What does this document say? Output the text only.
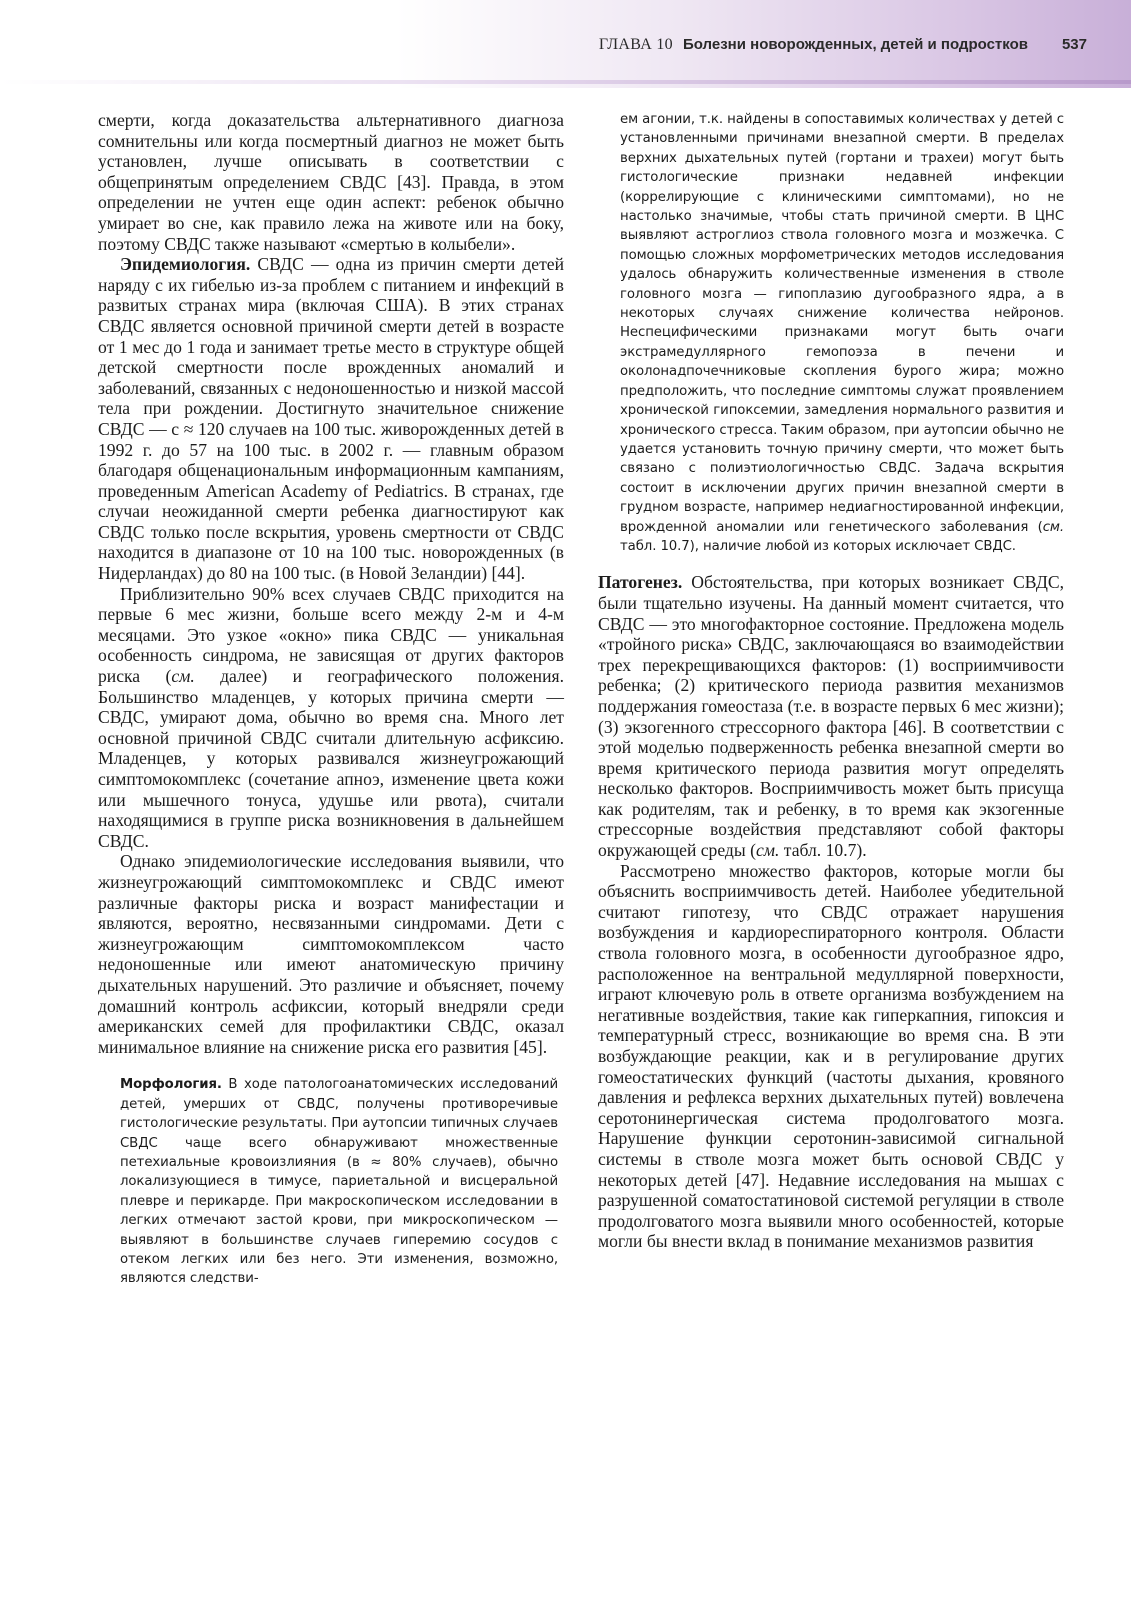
ГЛАВА 10 Болезни новорожденных, детей и подростков 537

смерти, когда доказательства альтернативного диагноза сомнительны или когда посмертный диагноз не может быть установлен, лучше описывать в соответствии с общепринятым определением СВДС [43]. Правда, в этом определении не учтен еще один аспект: ребенок обычно умирает во сне, как правило лежа на животе или на боку, поэтому СВДС также называют «смертью в колыбели».

Эпидемиология. СВДС — одна из причин смерти детей наряду с их гибелью из-за проблем с питанием и инфекций в развитых странах мира (включая США). В этих странах СВДС является основной причиной смерти детей в возрасте от 1 мес до 1 года и занимает третье место в структуре общей детской смертности после врожденных аномалий и заболеваний, связанных с недоношенностью и низкой массой тела при рождении. Достигнуто значительное снижение СВДС — с ≈ 120 случаев на 100 тыс. живорожденных детей в 1992 г. до 57 на 100 тыс. в 2002 г. — главным образом благодаря общенациональным информационным кампаниям, проведенным American Academy of Pediatrics. В странах, где случаи неожиданной смерти ребенка диагностируют как СВДС только после вскрытия, уровень смертности от СВДС находится в диапазоне от 10 на 100 тыс. новорожденных (в Нидерландах) до 80 на 100 тыс. (в Новой Зеландии) [44].

Приблизительно 90% всех случаев СВДС приходится на первые 6 мес жизни, больше всего между 2-м и 4-м месяцами. Это узкое «окно» пика СВДС — уникальная особенность синдрома, не зависящая от других факторов риска (см. далее) и географического положения. Большинство младенцев, у которых причина смерти — СВДС, умирают дома, обычно во время сна. Много лет основной причиной СВДС считали длительную асфиксию. Младенцев, у которых развивался жизнеугрожающий симптомокомплекс (сочетание апноэ, изменение цвета кожи или мышечного тонуса, удушье или рвота), считали находящимися в группе риска возникновения в дальнейшем СВДС.

Однако эпидемиологические исследования выявили, что жизнеугрожающий симптомокомплекс и СВДС имеют различные факторы риска и возраст манифестации и являются, вероятно, несвязанными синдромами. Дети с жизнеугрожающим симптомокомплексом часто недоношенные или имеют анатомическую причину дыхательных нарушений. Это различие и объясняет, почему домашний контроль асфиксии, который внедряли среди американских семей для профилактики СВДС, оказал минимальное влияние на снижение риска его развития [45].

Морфология. В ходе патологоанатомических исследований детей, умерших от СВДС, получены противоречивые гистологические результаты. При аутопсии типичных случаев СВДС чаще всего обнаруживают множественные петехиальные кровоизлияния (в ≈ 80% случаев), обычно локализующиеся в тимусе, париетальной и висцеральной плевре и перикарде. При макроскопическом исследовании в легких отмечают застой крови, при микроскопическом — выявляют в большинстве случаев гиперемию сосудов с отеком легких или без него. Эти изменения, возможно, являются следстви-

ем агонии, т.к. найдены в сопоставимых количествах у детей с установленными причинами внезапной смерти. В пределах верхних дыхательных путей (гортани и трахеи) могут быть гистологические признаки недавней инфекции (коррелирующие с клиническими симптомами), но не настолько значимые, чтобы стать причиной смерти. В ЦНС выявляют астроглиоз ствола головного мозга и мозжечка. С помощью сложных морфометрических методов исследования удалось обнаружить количественные изменения в стволе головного мозга — гипоплазию дугообразного ядра, а в некоторых случаях снижение количества нейронов. Неспецифическими признаками могут быть очаги экстрамедуллярного гемопоэза в печени и околонадпочечниковые скопления бурого жира; можно предположить, что последние симптомы служат проявлением хронической гипоксемии, замедления нормального развития и хронического стресса. Таким образом, при аутопсии обычно не удается установить точную причину смерти, что может быть связано с полиэтиологичностью СВДС. Задача вскрытия состоит в исключении других причин внезапной смерти в грудном возрасте, например недиагностированной инфекции, врожденной аномалии или генетического заболевания (см. табл. 10.7), наличие любой из которых исключает СВДС.

Патогенез. Обстоятельства, при которых возникает СВДС, были тщательно изучены. На данный момент считается, что СВДС — это многофакторное состояние. Предложена модель «тройного риска» СВДС, заключающаяся во взаимодействии трех перекрещивающихся факторов: (1) восприимчивости ребенка; (2) критического периода развития механизмов поддержания гомеостаза (т.е. в возрасте первых 6 мес жизни); (3) экзогенного стрессорного фактора [46]. В соответствии с этой моделью подверженность ребенка внезапной смерти во время критического периода развития могут определять несколько факторов. Восприимчивость может быть присуща как родителям, так и ребенку, в то время как экзогенные стрессорные воздействия представляют собой факторы окружающей среды (см. табл. 10.7).

Рассмотрено множество факторов, которые могли бы объяснить восприимчивость детей. Наиболее убедительной считают гипотезу, что СВДС отражает нарушения возбуждения и кардиореспираторного контроля. Области ствола головного мозга, в особенности дугообразное ядро, расположенное на вентральной медуллярной поверхности, играют ключевую роль в ответе организма возбуждением на негативные воздействия, такие как гиперкапния, гипоксия и температурный стресс, возникающие во время сна. В эти возбуждающие реакции, как и в регулирование других гомеостатических функций (частоты дыхания, кровяного давления и рефлекса верхних дыхательных путей) вовлечена серотонинергическая система продолговатого мозга. Нарушение функции серотонин-зависимой сигнальной системы в стволе мозга может быть основой СВДС у некоторых детей [47]. Недавние исследования на мышах с разрушенной соматостатиновой системой регуляции в стволе продолговатого мозга выявили много особенностей, которые могли бы внести вклад в понимание механизмов развития
